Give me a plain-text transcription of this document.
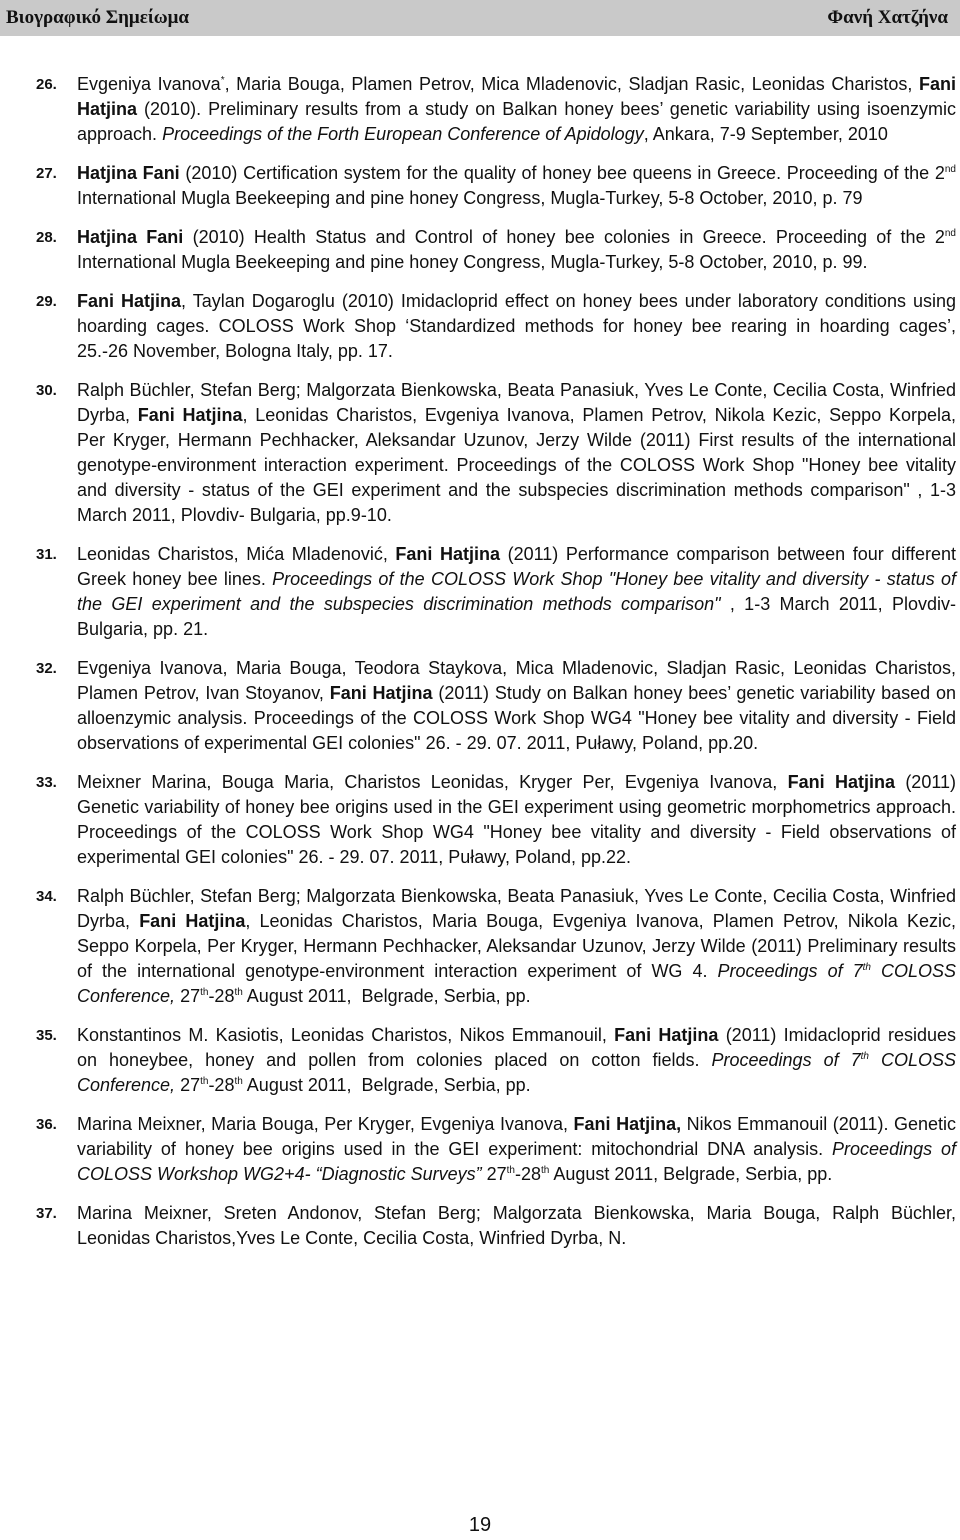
Βιογραφικό Σημείωμα	Φανή Χατζήνα
26. Evgeniya Ivanova*, Maria Bouga, Plamen Petrov, Mica Mladenovic, Sladjan Rasic, Leonidas Charistos, Fani Hatjina (2010). Preliminary results from a study on Balkan honey bees’ genetic variability using isoenzymic approach. Proceedings of the Forth European Conference of Apidology, Ankara, 7-9 September, 2010
27. Hatjina Fani (2010) Certification system for the quality of honey bee queens in Greece. Proceeding of the 2nd International Mugla Beekeeping and pine honey Congress, Mugla-Turkey, 5-8 October, 2010, p. 79
28. Hatjina Fani (2010) Health Status and Control of honey bee colonies in Greece. Proceeding of the 2nd International Mugla Beekeeping and pine honey Congress, Mugla-Turkey, 5-8 October, 2010, p. 99.
29. Fani Hatjina, Taylan Dogaroglu (2010) Imidacloprid effect on honey bees under laboratory conditions using hoarding cages. COLOSS Work Shop ‘Standardized methods for honey bee rearing in hoarding cages’, 25.-26 November, Bologna Italy, pp. 17.
30. Ralph Büchler, Stefan Berg; Malgorzata Bienkowska, Beata Panasiuk, Yves Le Conte, Cecilia Costa, Winfried Dyrba, Fani Hatjina, Leonidas Charistos, Evgeniya Ivanova, Plamen Petrov, Nikola Kezic, Seppo Korpela, Per Kryger, Hermann Pechhacker, Aleksandar Uzunov, Jerzy Wilde (2011) First results of the international genotype-environment interaction experiment. Proceedings of the COLOSS Work Shop "Honey bee vitality and diversity - status of the GEI experiment and the subspecies discrimination methods comparison" , 1-3 March 2011, Plovdiv- Bulgaria, pp.9-10.
31. Leonidas Charistos, Mića Mladenović, Fani Hatjina (2011) Performance comparison between four different Greek honey bee lines. Proceedings of the COLOSS Work Shop "Honey bee vitality and diversity - status of the GEI experiment and the subspecies discrimination methods comparison" , 1-3 March 2011, Plovdiv- Bulgaria, pp. 21.
32. Evgeniya Ivanova, Maria Bouga, Teodora Staykova, Mica Mladenovic, Sladjan Rasic, Leonidas Charistos, Plamen Petrov, Ivan Stoyanov, Fani Hatjina (2011) Study on Balkan honey bees’ genetic variability based on alloenzymic analysis. Proceedings of the COLOSS Work Shop WG4 "Honey bee vitality and diversity - Field observations of experimental GEI colonies" 26. - 29. 07. 2011, Puławy, Poland, pp.20.
33. Meixner Marina, Bouga Maria, Charistos Leonidas, Kryger Per, Evgeniya Ivanova, Fani Hatjina (2011) Genetic variability of honey bee origins used in the GEI experiment using geometric morphometrics approach. Proceedings of the COLOSS Work Shop WG4 "Honey bee vitality and diversity - Field observations of experimental GEI colonies" 26. - 29. 07. 2011, Puławy, Poland, pp.22.
34. Ralph Büchler, Stefan Berg; Malgorzata Bienkowska, Beata Panasiuk, Yves Le Conte, Cecilia Costa, Winfried Dyrba, Fani Hatjina, Leonidas Charistos, Maria Bouga, Evgeniya Ivanova, Plamen Petrov, Nikola Kezic, Seppo Korpela, Per Kryger, Hermann Pechhacker, Aleksandar Uzunov, Jerzy Wilde (2011) Preliminary results of the international genotype-environment interaction experiment of WG 4. Proceedings of 7th COLOSS Conference, 27th-28th August 2011,  Belgrade, Serbia, pp.
35. Konstantinos M. Kasiotis, Leonidas Charistos, Nikos Emmanouil, Fani Hatjina (2011) Imidacloprid residues on honeybee, honey and pollen from colonies placed on cotton fields. Proceedings of 7th COLOSS Conference, 27th-28th August 2011,  Belgrade, Serbia, pp.
36. Marina Meixner, Maria Bouga, Per Kryger, Evgeniya Ivanova, Fani Hatjina, Nikos Emmanouil (2011). Genetic variability of honey bee origins used in the GEI experiment: mitochondrial DNA analysis. Proceedings of COLOSS Workshop WG2+4- “Diagnostic Surveys” 27th-28th August 2011, Belgrade, Serbia, pp.
37. Marina Meixner, Sreten Andonov, Stefan Berg; Malgorzata Bienkowska, Maria Bouga, Ralph Büchler, Leonidas Charistos,Yves Le Conte, Cecilia Costa, Winfried Dyrba, N.
19
